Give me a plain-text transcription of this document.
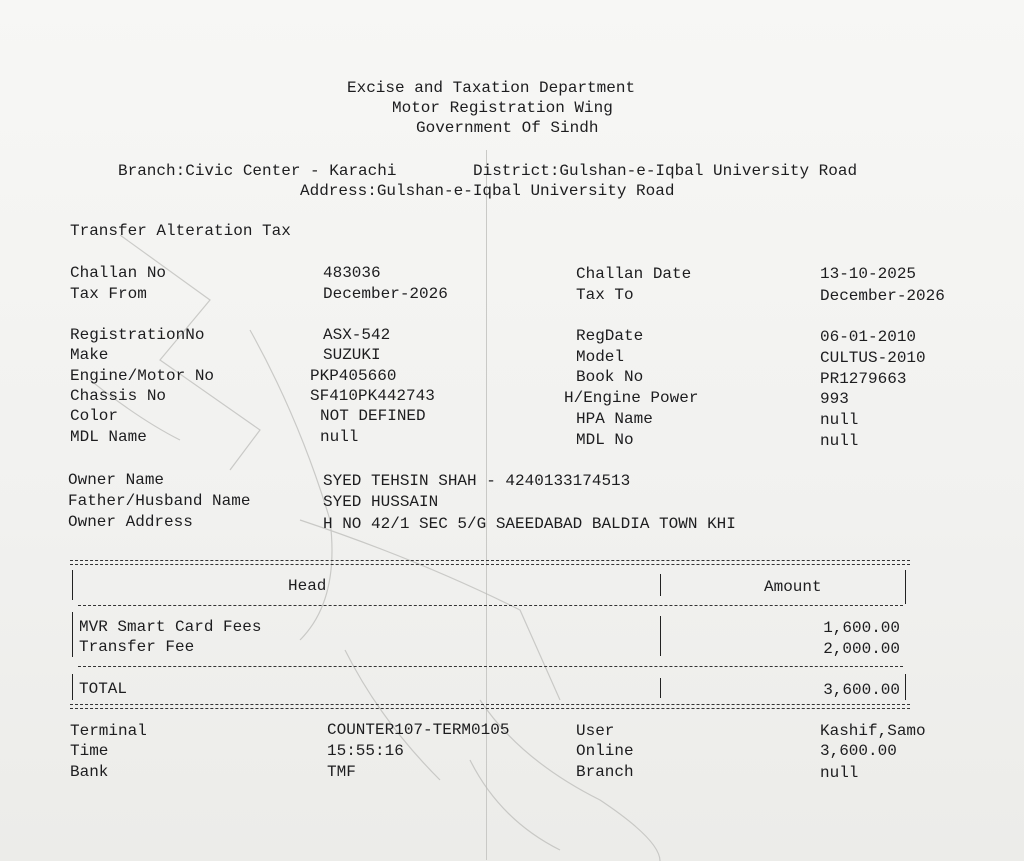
Excise and Taxation Department
Motor Registration Wing
Government Of Sindh
Branch:Civic Center - Karachi	District:Gulshan-e-Iqbal University Road
Address:Gulshan-e-Iqbal University Road
Transfer Alteration Tax
Challan No	483036	Challan Date	13-10-2025
Tax From	December-2026	Tax To	December-2026
RegistrationNo	ASX-542	RegDate	06-01-2010
Make	SUZUKI	Model	CULTUS-2010
Engine/Motor No	PKP405660	Book No	PR1279663
Chassis No	SF410PK442743	H/Engine Power	993
Color	NOT DEFINED	HPA Name	null
MDL Name	null	MDL No	null
Owner Name	SYED TEHSIN SHAH - 4240133174513
Father/Husband Name	SYED HUSSAIN
Owner Address	H NO 42/1 SEC 5/G SAEEDABAD BALDIA TOWN KHI
Head	Amount
MVR Smart Card Fees	1,600.00
Transfer Fee	2,000.00
TOTAL	3,600.00
Terminal	COUNTER107-TERM0105	User	Kashif,Samo
Time	15:55:16	Online	3,600.00
Bank	TMF	Branch	null
